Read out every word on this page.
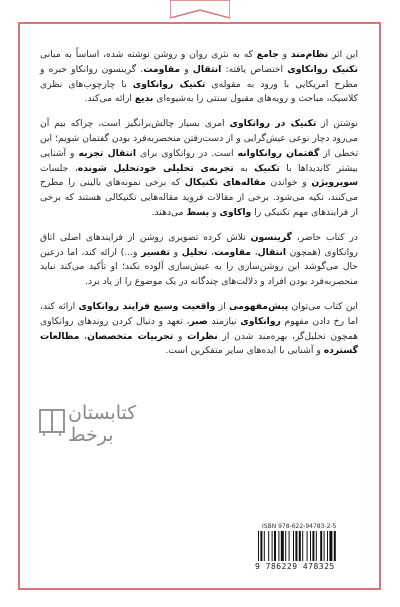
این اثر نظام‌مند و جامع که به نثری روان و روشن نوشته شده، اساساً به مبانی تکنیک روانکاوی اختصاص یافته: انتقال و مقاومت. گرینسون روانکاو خبره و مطرح امریکایی با ورود به مقوله‌ی تکنیک روانکاوی با چارچوب‌های نظری کلاسیک، مباحث و رویه‌های مقبول سنتی را به‌شیوه‌ای بدیع ارائه می‌کند.

نوشتن از تکنیک در روانکاوی امری بسیار چالش‌برانگیز است، چراکه بیم آن می‌رود دچار نوعی عیش‌گرایی و از دست‌رفتن منحصربه‌فرد بودن گفتمان شویم؛ این تخطی از گفتمان روانکاوانه است. در روانکاوی برای انتقال تجربه و آشنایی بیشتر کاندیداها با تکنیک به تجربه‌ی تحلیلی خودتحلیل شونده، جلسات سوپرویژن و خواندن مقاله‌های تکنیکال که برخی نمونه‌های بالینی را مطرح می‌کنند، تکیه می‌شود. برخی از مقالات فروید مقاله‌هایی تکنیکالی هستند که برخی از فرایندهای مهم تکنیکی را واکاوی و بسط می‌دهند.

در کتاب حاضر، گرینسون تلاش کرده تصویری روشن از فرایندهای اصلی اتاق روانکاوی (همچون انتقال، مقاومت، تحلیل و تفسیر و...) ارائه کند، اما درعین حال می‌گوشد این روشن‌سازی را به عیش‌سازی آلوده نکند؛ او تأکید می‌کند نباید منحصربه‌فرد بودن افراد و دلالت‌های چندگانه در یک موضوع را از یاد برد.

این کتاب می‌توان پیش‌مفهومی از واقعیت وسیع فرایند روانکاوی ارائه کند، اما رخ دادن مفهوم روانکاوی نیازمند صبر، تعهد و دنبال کردن روندهای روانکاوی همچون تحلیل‌گر، بهره‌مند شدن از نظرات و تجربیات متخصصان، مطالعات گسترده و آشنایی با ایده‌های سایر متفکرین است.

کتابستان
برخط
ISBN 978-622-94783-2-5
9 786229 478325
